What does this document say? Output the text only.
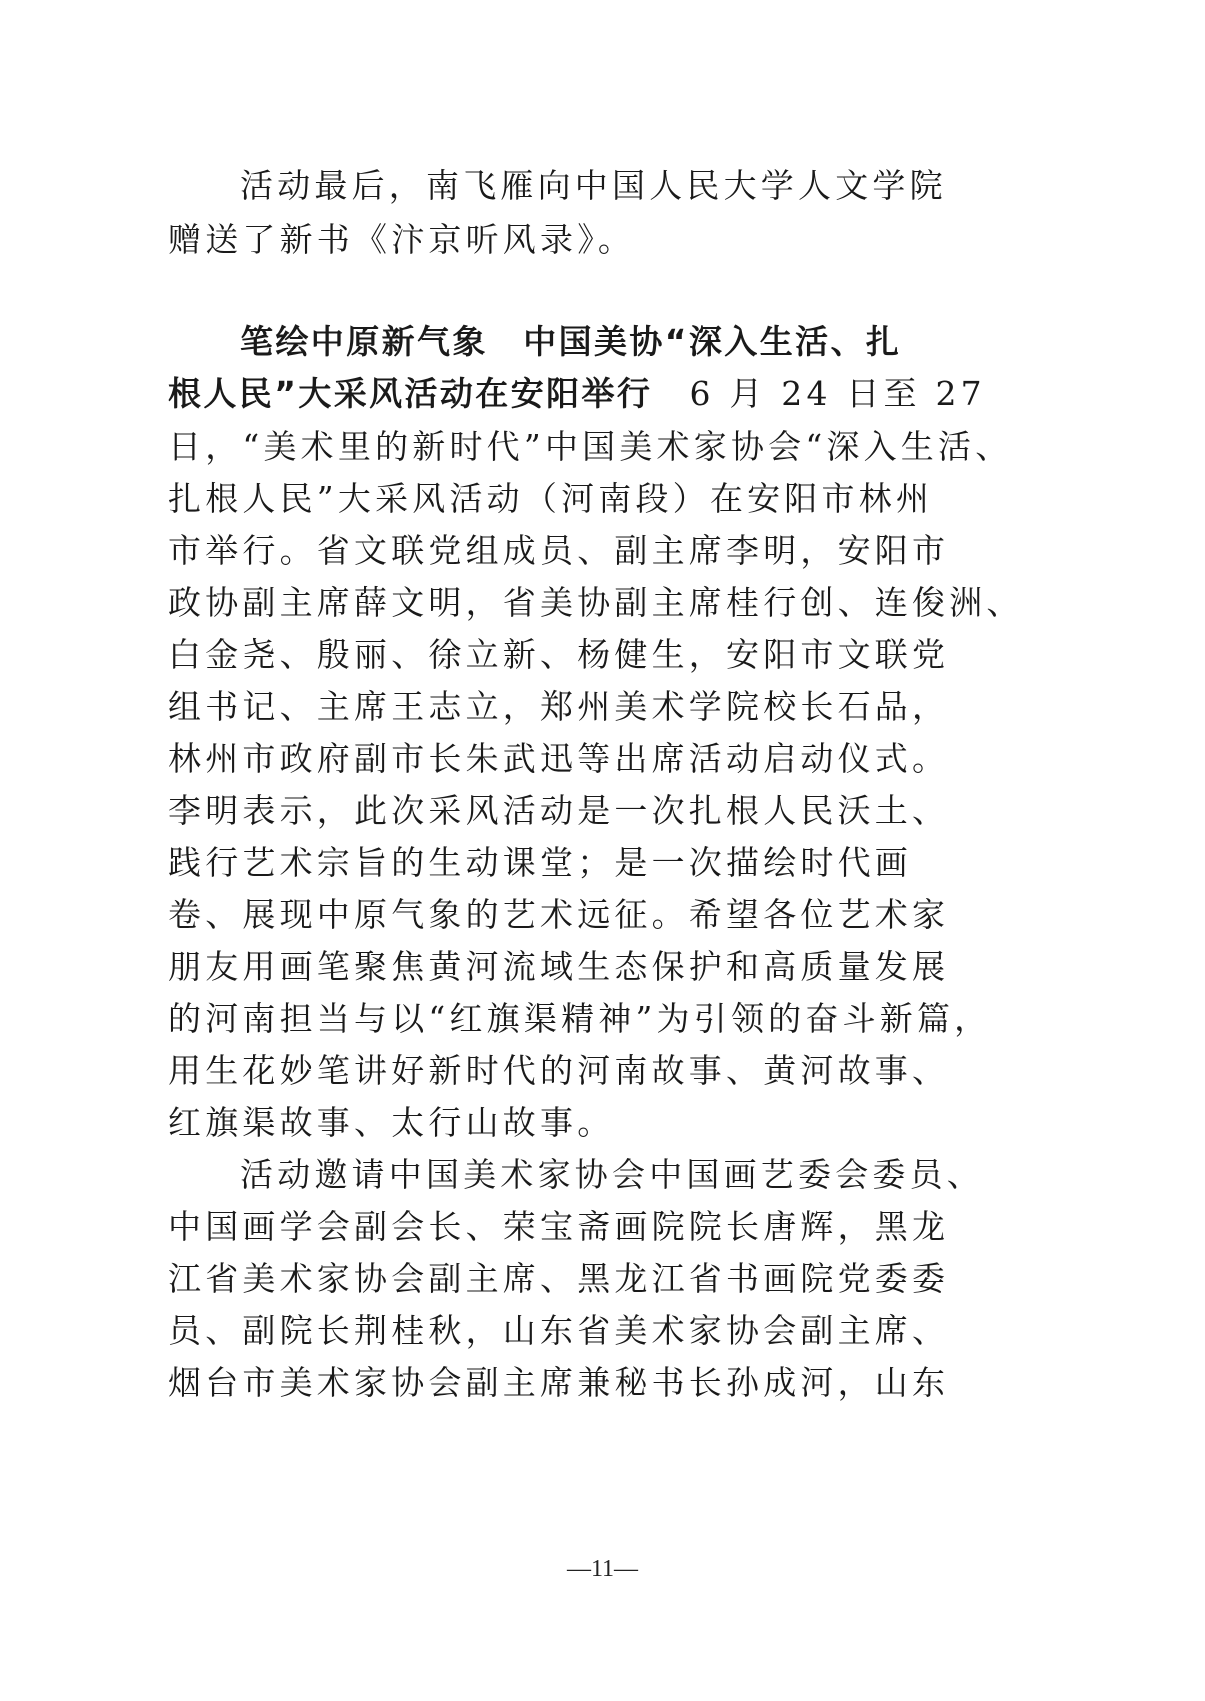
活动最后，南飞雁向中国人民大学人文学院
赠送了新书《汴京听风录》。
笔绘中原新气象　中国美协“深入生活、扎
根人民”大采风活动在安阳举行　6 月 24 日至 27
日，“美术里的新时代”中国美术家协会“深入生活、
扎根人民”大采风活动（河南段）在安阳市林州
市举行。省文联党组成员、副主席李明，安阳市
政协副主席薛文明，省美协副主席桂行创、连俊洲、
白金尧、殷丽、徐立新、杨健生，安阳市文联党
组书记、主席王志立，郑州美术学院校长石品，
林州市政府副市长朱武迅等出席活动启动仪式。
李明表示，此次采风活动是一次扎根人民沃土、
践行艺术宗旨的生动课堂；是一次描绘时代画
卷、展现中原气象的艺术远征。希望各位艺术家
朋友用画笔聚焦黄河流域生态保护和高质量发展
的河南担当与以“红旗渠精神”为引领的奋斗新篇，
用生花妙笔讲好新时代的河南故事、黄河故事、
红旗渠故事、太行山故事。
活动邀请中国美术家协会中国画艺委会委员、
中国画学会副会长、荣宝斋画院院长唐辉，黑龙
江省美术家协会副主席、黑龙江省书画院党委委
员、副院长荆桂秋，山东省美术家协会副主席、
烟台市美术家协会副主席兼秘书长孙成河，山东
—11—
